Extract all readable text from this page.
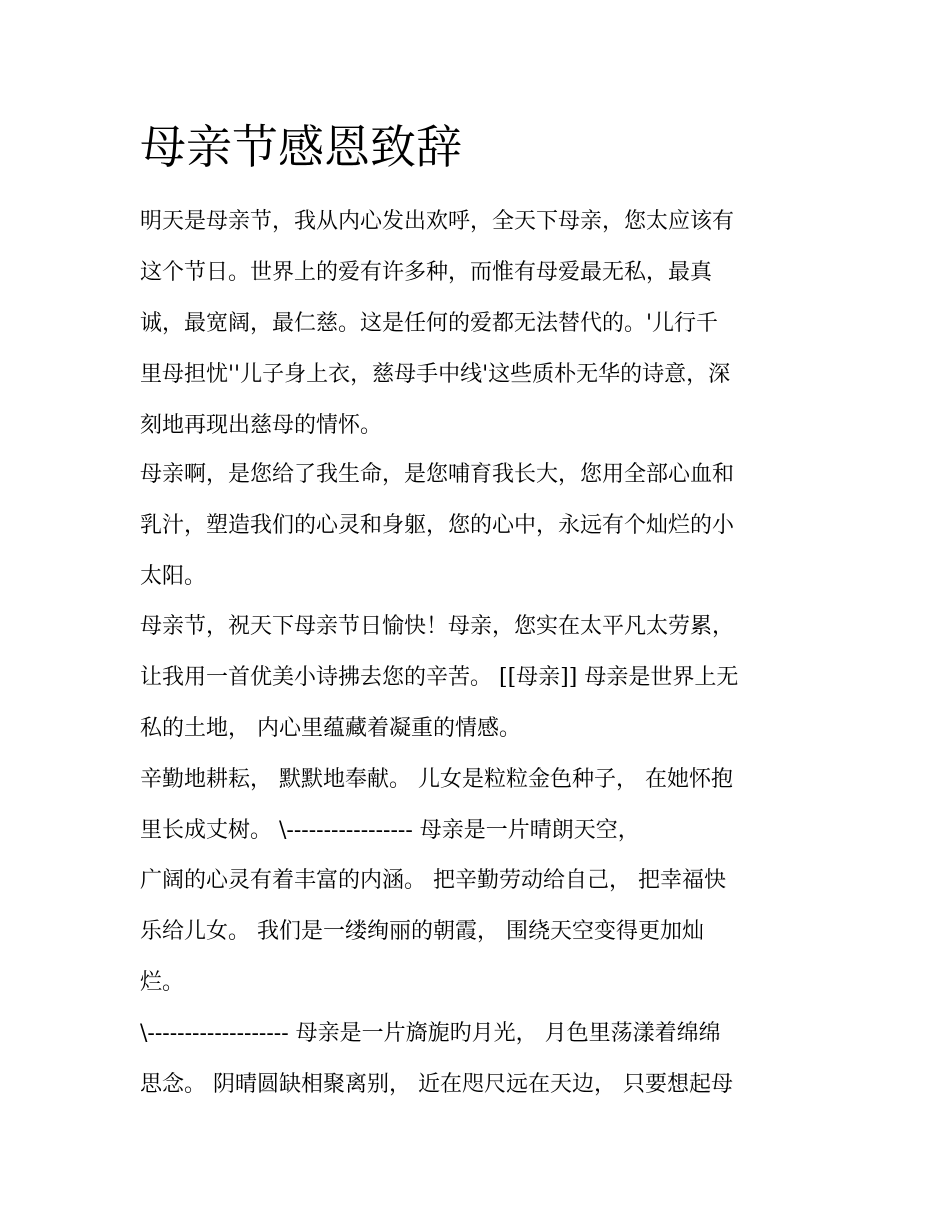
母亲节感恩致辞

明天是母亲节，我从内心发出欢呼，全天下母亲，您太应该有

这个节日。世界上的爱有许多种，而惟有母爱最无私，最真

诚，最宽阔，最仁慈。这是任何的爱都无法替代的。'儿行千

里母担忧''儿子身上衣，慈母手中线'这些质朴无华的诗意，深

刻地再现出慈母的情怀。

母亲啊，是您给了我生命，是您哺育我长大，您用全部心血和

乳汁，塑造我们的心灵和身躯，您的心中，永远有个灿烂的小

太阳。

母亲节，祝天下母亲节日愉快！母亲，您实在太平凡太劳累，

让我用一首优美小诗拂去您的辛苦。 [[母亲]] 母亲是世界上无

私的土地， 内心里蕴藏着凝重的情感。

辛勤地耕耘， 默默地奉献。 儿女是粒粒金色种子， 在她怀抱

里长成丈树。 \----------------- 母亲是一片晴朗天空，

广阔的心灵有着丰富的内涵。 把辛勤劳动给自己， 把幸福快

乐给儿女。 我们是一缕绚丽的朝霞， 围绕天空变得更加灿

烂。

\------------------- 母亲是一片旖旎旳月光， 月色里荡漾着绵绵

思念。 阴晴圆缺相聚离别， 近在咫尺远在天边， 只要想起母
